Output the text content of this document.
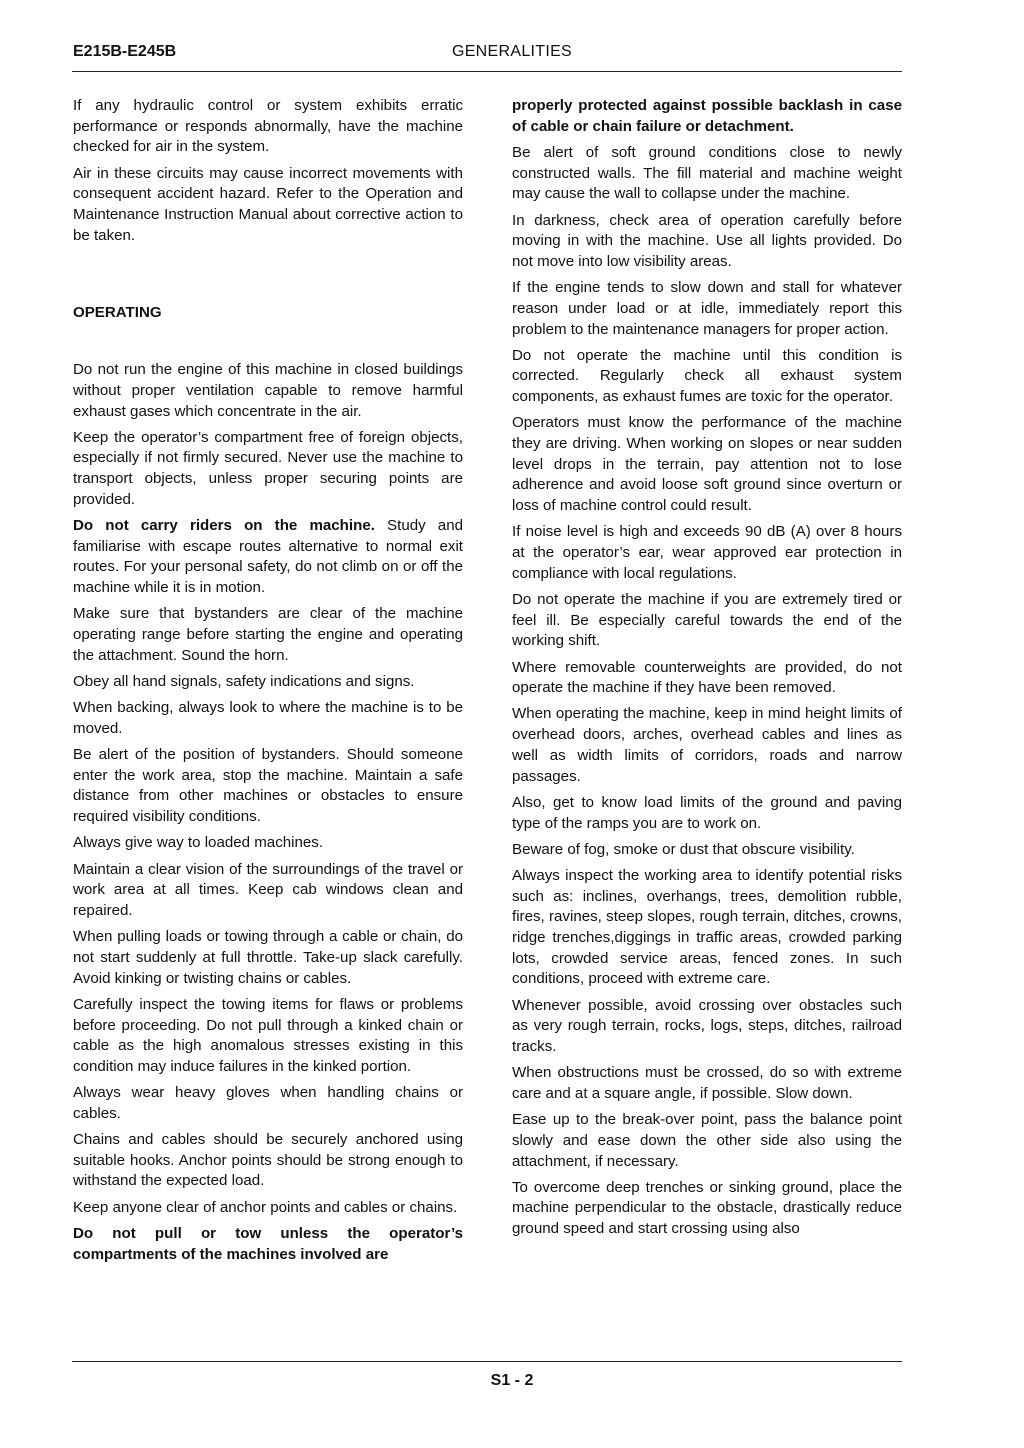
E215B-E245B	GENERALITIES

If any hydraulic control or system exhibits erratic performance or responds abnormally, have the machine checked for air in the system.

Air in these circuits may cause incorrect movements with consequent accident hazard. Refer to the Operation and Maintenance Instruction Manual about corrective action to be taken.

OPERATING

Do not run the engine of this machine in closed buildings without proper ventilation capable to remove harmful exhaust gases which concentrate in the air.

Keep the operator’s compartment free of foreign objects, especially if not firmly secured. Never use the machine to transport objects, unless proper securing points are provided.

Do not carry riders on the machine. Study and familiarise with escape routes alternative to normal exit routes. For your personal safety, do not climb on or off the machine while it is in motion.

Make sure that bystanders are clear of the machine operating range before starting the engine and operating the attachment. Sound the horn.

Obey all hand signals, safety indications and signs.

When backing, always look to where the machine is to be moved.

Be alert of the position of bystanders. Should someone enter the work area, stop the machine. Maintain a safe distance from other machines or obstacles to ensure required visibility conditions.

Always give way to loaded machines.

Maintain a clear vision of the surroundings of the travel or work area at all times. Keep cab windows clean and repaired.

When pulling loads or towing through a cable or chain, do not start suddenly at full throttle. Take-up slack carefully. Avoid kinking or twisting chains or cables.

Carefully inspect the towing items for flaws or problems before proceeding. Do not pull through a kinked chain or cable as the high anomalous stresses existing in this condition may induce failures in the kinked portion.

Always wear heavy gloves when handling chains or cables.

Chains and cables should be securely anchored using suitable hooks. Anchor points should be strong enough to withstand the expected load.

Keep anyone clear of anchor points and cables or chains.

Do not pull or tow unless the operator’s compartments of the machines involved are

properly protected against possible backlash in case of cable or chain failure or detachment.

Be alert of soft ground conditions close to newly constructed walls. The fill material and machine weight may cause the wall to collapse under the machine.

In darkness, check area of operation carefully before moving in with the machine. Use all lights provided. Do not move into low visibility areas.

If the engine tends to slow down and stall for whatever reason under load or at idle, immediately report this problem to the maintenance managers for proper action.

Do not operate the machine until this condition is corrected. Regularly check all exhaust system components, as exhaust fumes are toxic for the operator.

Operators must know the performance of the machine they are driving. When working on slopes or near sudden level drops in the terrain, pay attention not to lose adherence and avoid loose soft ground since overturn or loss of machine control could result.

If noise level is high and exceeds 90 dB (A) over 8 hours at the operator’s ear, wear approved ear protection in compliance with local regulations.

Do not operate the machine if you are extremely tired or feel ill. Be especially careful towards the end of the working shift.

Where removable counterweights are provided, do not operate the machine if they have been removed.

When operating the machine, keep in mind height limits of overhead doors, arches, overhead cables and lines as well as width limits of corridors, roads and narrow passages.

Also, get to know load limits of the ground and paving type of the ramps you are to work on.

Beware of fog, smoke or dust that obscure visibility.

Always inspect the working area to identify potential risks such as: inclines, overhangs, trees, demolition rubble, fires, ravines, steep slopes, rough terrain, ditches, crowns, ridge trenches,diggings in traffic areas, crowded parking lots, crowded service areas, fenced zones. In such conditions, proceed with extreme care.

Whenever possible, avoid crossing over obstacles such as very rough terrain, rocks, logs, steps, ditches, railroad tracks.

When obstructions must be crossed, do so with extreme care and at a square angle, if possible. Slow down.

Ease up to the break-over point, pass the balance point slowly and ease down the other side also using the attachment, if necessary.

To overcome deep trenches or sinking ground, place the machine perpendicular to the obstacle, drastically reduce ground speed and start crossing using also

S1 - 2
